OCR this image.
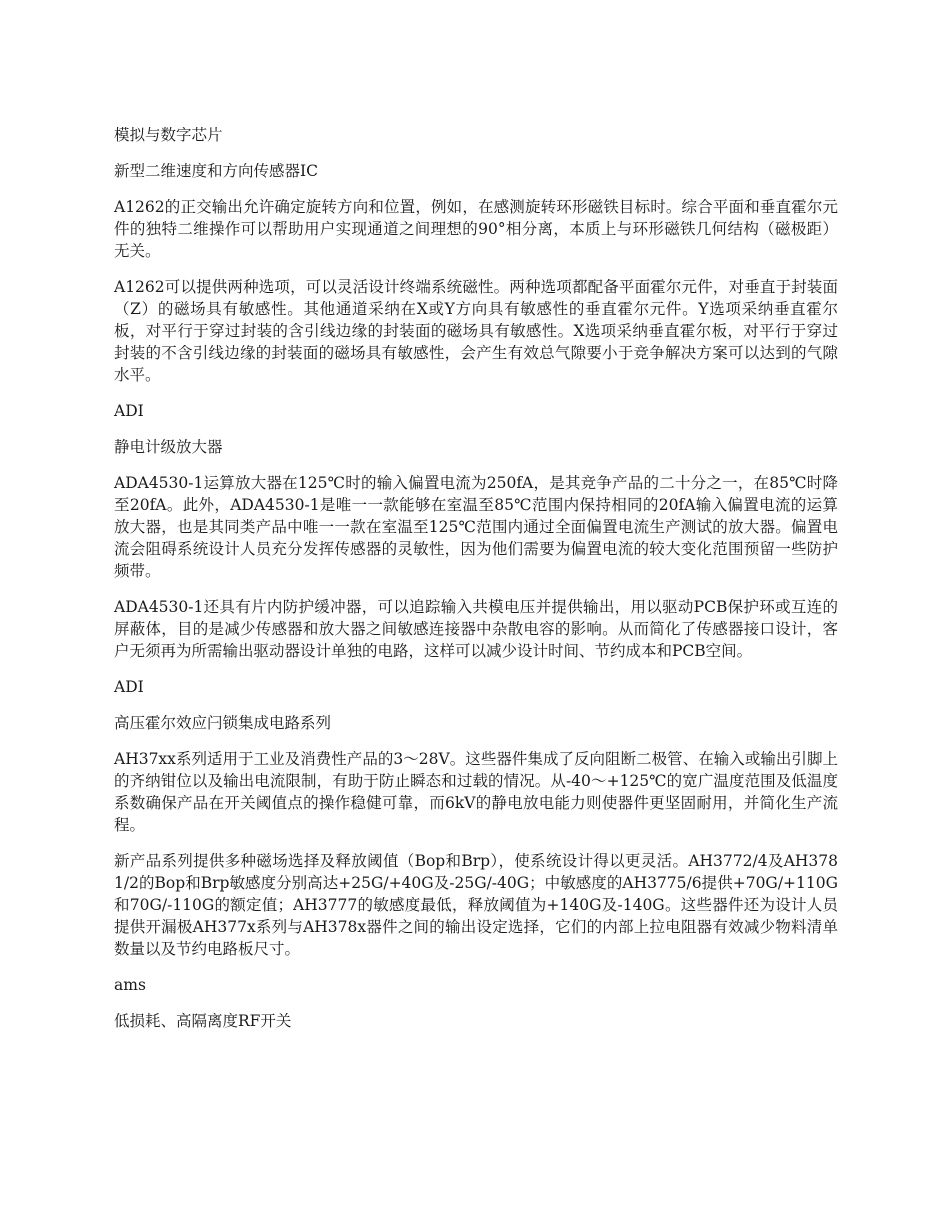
模拟与数字芯片

新型二维速度和方向传感器IC

A1262的正交输出允许确定旋转方向和位置，例如，在感测旋转环形磁铁目标时。综合平面和垂直霍尔元件的独特二维操作可以帮助用户实现通道之间理想的90°相分离，本质上与环形磁铁几何结构（磁极距）无关。

A1262可以提供两种选项，可以灵活设计终端系统磁性。两种选项都配备平面霍尔元件，对垂直于封装面（Z）的磁场具有敏感性。其他通道采纳在X或Y方向具有敏感性的垂直霍尔元件。Y选项采纳垂直霍尔板，对平行于穿过封装的含引线边缘的封装面的磁场具有敏感性。X选项采纳垂直霍尔板，对平行于穿过封装的不含引线边缘的封装面的磁场具有敏感性，会产生有效总气隙要小于竞争解决方案可以达到的气隙水平。

ADI

静电计级放大器

ADA4530-1运算放大器在125℃时的输入偏置电流为250fA，是其竞争产品的二十分之一，在85℃时降至20fA。此外，ADA4530-1是唯一一款能够在室温至85℃范围内保持相同的20fA输入偏置电流的运算放大器，也是其同类产品中唯一一款在室温至125℃范围内通过全面偏置电流生产测试的放大器。偏置电流会阻碍系统设计人员充分发挥传感器的灵敏性，因为他们需要为偏置电流的较大变化范围预留一些防护频带。

ADA4530-1还具有片内防护缓冲器，可以追踪输入共模电压并提供输出，用以驱动PCB保护环或互连的屏蔽体，目的是减少传感器和放大器之间敏感连接器中杂散电容的影响。从而简化了传感器接口设计，客户无须再为所需输出驱动器设计单独的电路，这样可以减少设计时间、节约成本和PCB空间。

ADI

高压霍尔效应闩锁集成电路系列

AH37xx系列适用于工业及消费性产品的3～28V。这些器件集成了反向阻断二极管、在输入或输出引脚上的齐纳钳位以及输出电流限制，有助于防止瞬态和过载的情况。从-40～+125℃的宽广温度范围及低温度系数确保产品在开关阈值点的操作稳健可靠，而6kV的静电放电能力则使器件更坚固耐用，并简化生产流程。

新产品系列提供多种磁场选择及释放阈值（Bop和Brp），使系统设计得以更灵活。AH3772/4及AH3781/2的Bop和Brp敏感度分别高达+25G/+40G及-25G/-40G；中敏感度的AH3775/6提供+70G/+110G和70G/-110G的额定值；AH3777的敏感度最低，释放阈值为+140G及-140G。这些器件还为设计人员提供开漏极AH377x系列与AH378x器件之间的输出设定选择，它们的内部上拉电阻器有效减少物料清单数量以及节约电路板尺寸。

ams

低损耗、高隔离度RF开关
